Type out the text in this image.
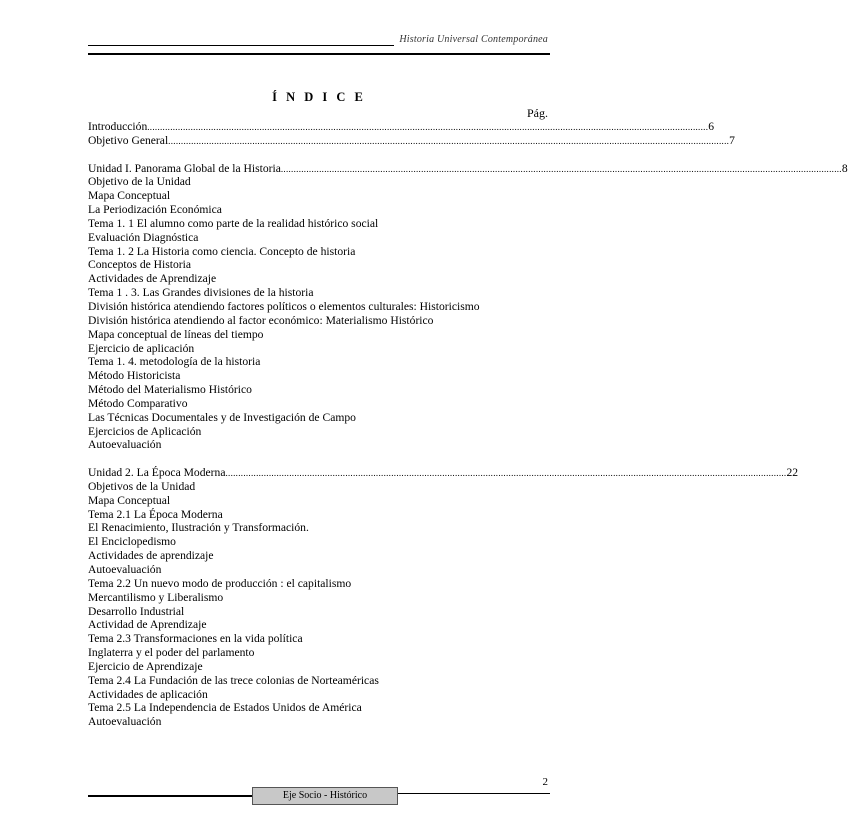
Historia Universal Contemporánea
Í N D I C E
Pág.
Introducción ............................................................................................................................................................................................................................ 6
Objetivo General ............................................................................................................................................................................................................................ 7
Unidad I. Panorama Global de la Historia ............................................................................................................................................................................................................................ 8
Objetivo de la Unidad
Mapa Conceptual
La Periodización Económica
Tema 1. 1 El alumno como parte de la realidad histórico social
Evaluación Diagnóstica
Tema 1. 2 La Historia como ciencia. Concepto de historia
Conceptos de Historia
Actividades de Aprendizaje
Tema 1 . 3. Las Grandes divisiones de la historia
División histórica atendiendo factores políticos o elementos culturales: Historicismo
División histórica atendiendo al factor económico: Materialismo Histórico
Mapa conceptual de líneas del tiempo
Ejercicio de aplicación
Tema 1. 4. metodología de la historia
Método Historicista
Método del Materialismo Histórico
Método Comparativo
Las Técnicas Documentales y de Investigación de Campo
Ejercicios de Aplicación
Autoevaluación
Unidad 2. La Época Moderna ............................................................................................................................................................................................................................ 22
Objetivos de la Unidad
Mapa Conceptual
Tema 2.1 La Época Moderna
El Renacimiento, Ilustración y Transformación.
El Enciclopedismo
Actividades de aprendizaje
Autoevaluación
Tema 2.2 Un nuevo modo de producción : el capitalismo
Mercantilismo y Liberalismo
Desarrollo Industrial
Actividad de Aprendizaje
Tema 2.3 Transformaciones en la vida política
Inglaterra y el poder del parlamento
Ejercicio de Aprendizaje
Tema 2.4 La Fundación de las trece colonias de Norteaméricas
Actividades de aplicación
Tema 2.5 La Independencia de Estados Unidos de América
Autoevaluación
2
Eje Socio - Histórico
